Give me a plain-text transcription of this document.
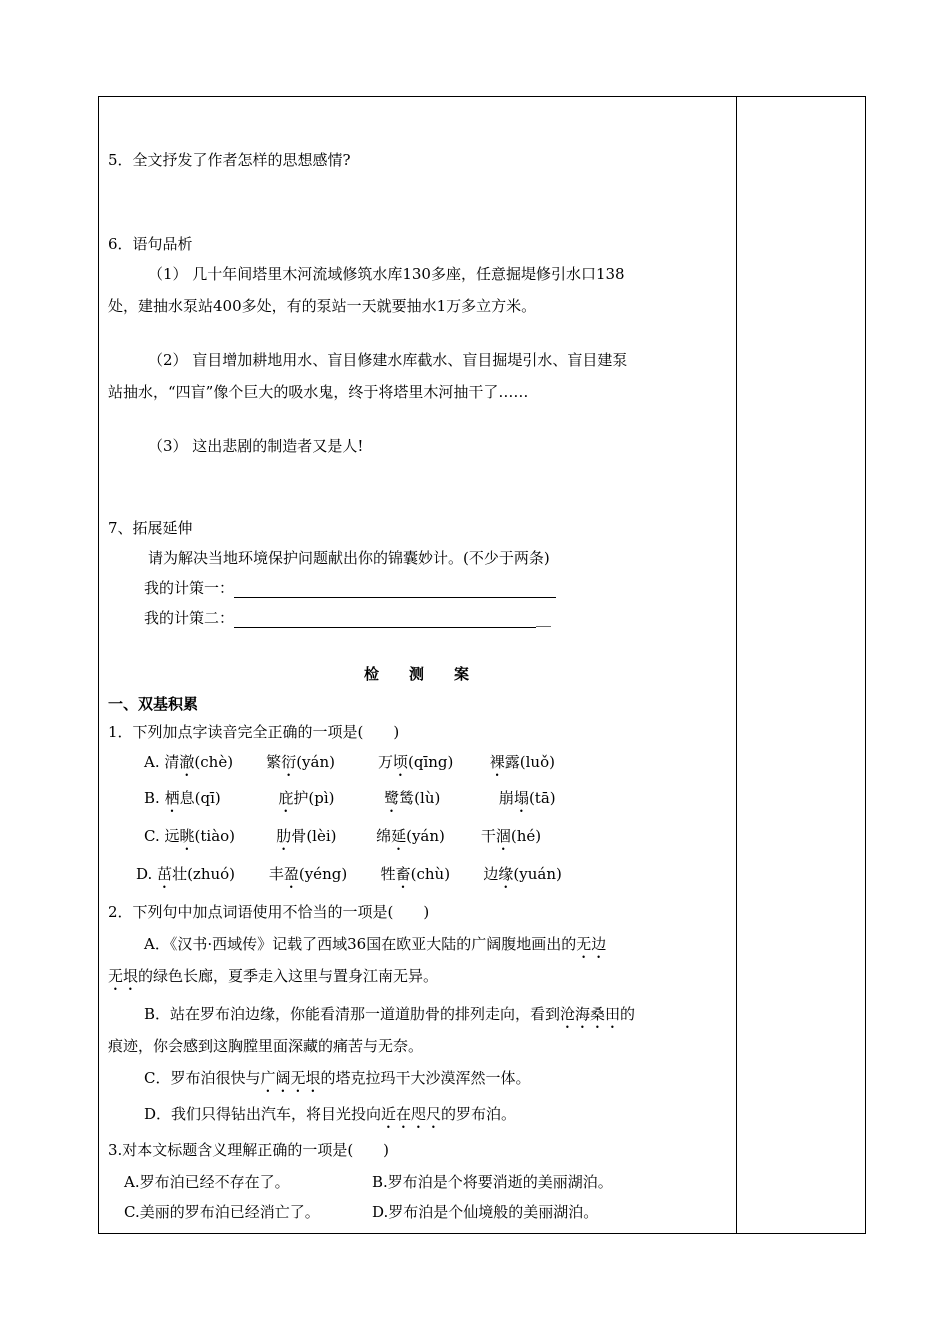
5．全文抒发了作者怎样的思想感情?
6．语句品析
（1） 几十年间塔里木河流域修筑水库130多座，任意掘堤修引水口138
处，建抽水泵站400多处，有的泵站一天就要抽水1万多立方米。
（2） 盲目增加耕地用水、盲目修建水库截水、盲目掘堤引水、盲目建泵
站抽水，“四盲”像个巨大的吸水鬼，终于将塔里木河抽干了……
（3） 这出悲剧的制造者又是人!
7、拓展延伸
请为解决当地环境保护问题献出你的锦囊妙计。(不少于两条)
我的计策一：
我的计策二：	__
检测案
一、双基积累
1．下列加点字读音完全正确的一项是(　　)
A. 清澈(chè) 繁衍(yán)	万顷(qīng) 裸露(luǒ)
B. 栖息(qī)	庇护(pì)	鹭鸶(lù)	崩塌(tā)
C. 远眺(tiào)	肋骨(lèi)	绵延(yán) 干涸(hé)
D. 茁壮(zhuó) 丰盈(yéng) 牲畜(chù) 边缘(yuán)
2．下列句中加点词语使用不恰当的一项是(　　)
A．《汉书·西域传》记载了西域36国在欧亚大陆的广阔腹地画出的无边
无垠的绿色长廊，夏季走入这里与置身江南无异。
B．站在罗布泊边缘，你能看清那一道道肋骨的排列走向，看到沧海桑田的
痕迹，你会感到这胸膛里面深藏的痛苦与无奈。
C．罗布泊很快与广阔无垠的塔克拉玛干大沙漠浑然一体。
D．我们只得钻出汽车，将目光投向近在咫尺的罗布泊。
3.对本文标题含义理解正确的一项是(　　)
A.罗布泊已经不存在了。	B.罗布泊是个将要消逝的美丽湖泊。
C.美丽的罗布泊已经消亡了。	D.罗布泊是个仙境般的美丽湖泊。
